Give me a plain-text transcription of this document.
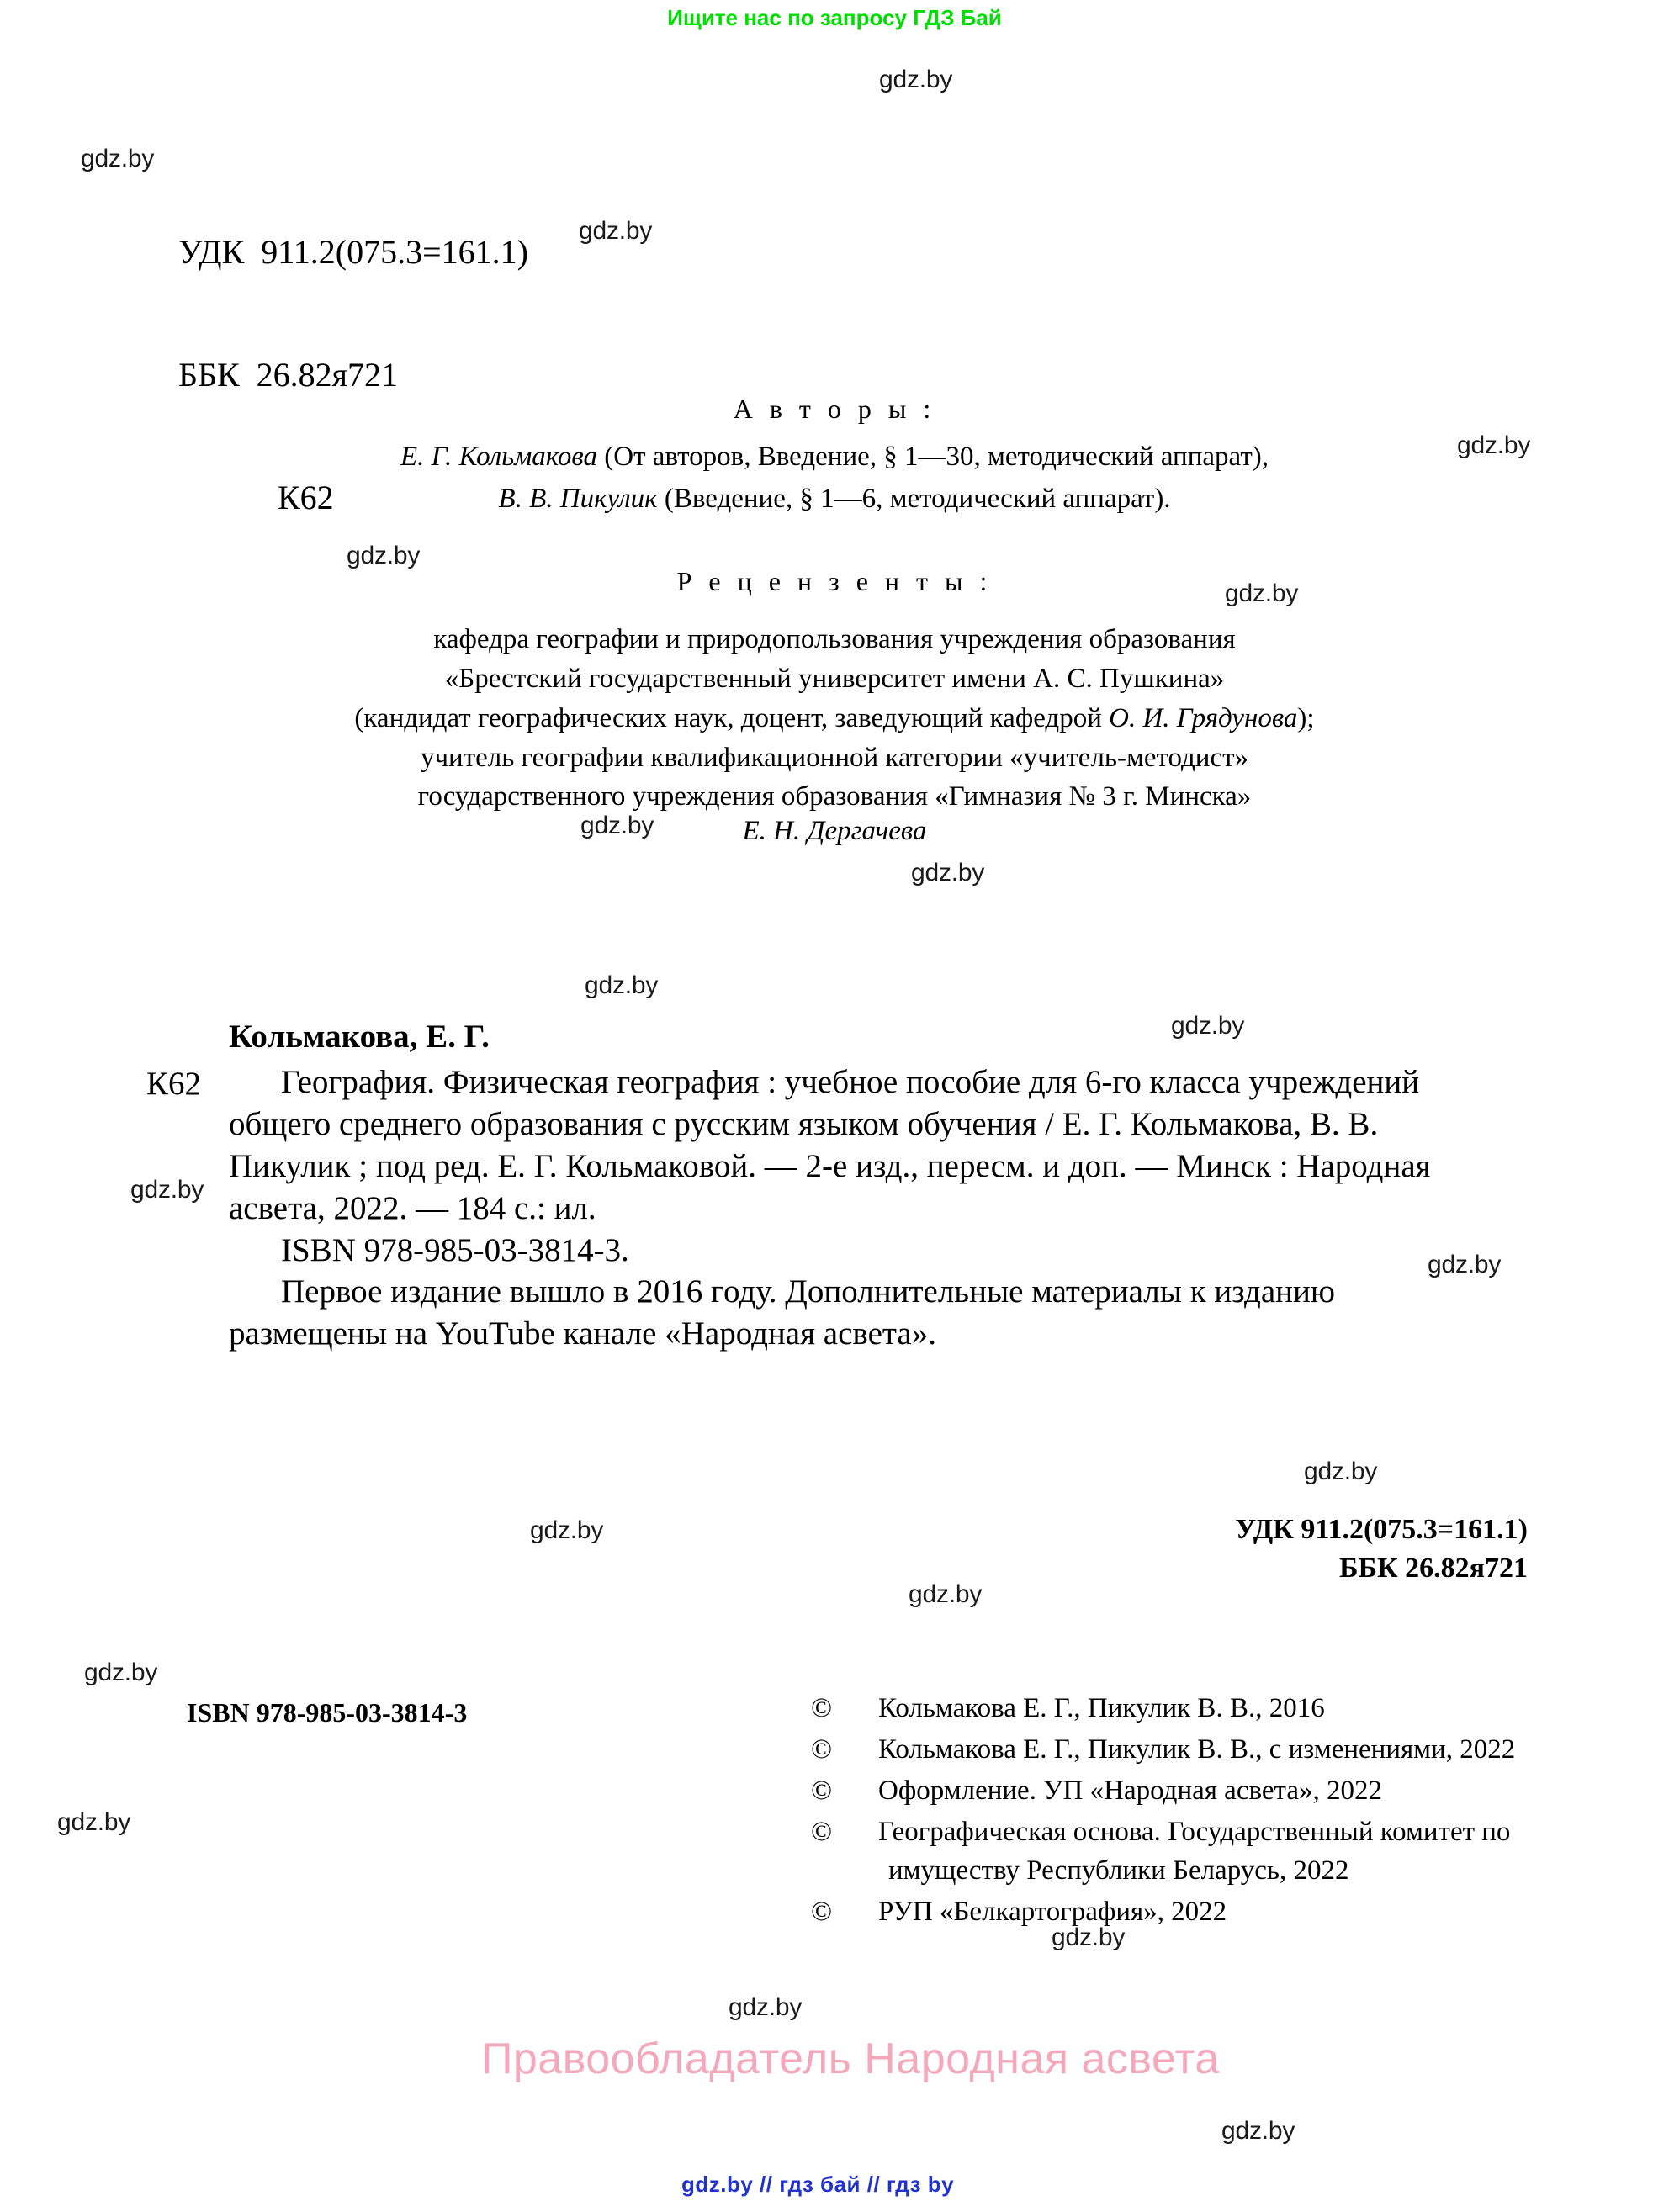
Ищите нас по запросу ГДЗ Бай
gdz.by
gdz.by
gdz.by
gdz.by
gdz.by
gdz.by
gdz.by
gdz.by
gdz.by
gdz.by
gdz.by
gdz.by
gdz.by
gdz.by
gdz.by
gdz.by
gdz.by
gdz.by
gdz.by
gdz.by

УДК  911.2(075.3=161.1)

ББК  26.82я721

К62

А в т о р ы :
Е. Г. Кольмакова (От авторов, Введение, § 1—30, методический аппарат),
В. В. Пикулик (Введение, § 1—6, методический аппарат).
Р е ц е н з е н т ы :
кафедра географии и природопользования учреждения образования
«Брестский государственный университет имени А. С. Пушкина»
(кандидат географических наук, доцент, заведующий кафедрой О. И. Грядунова);
учитель географии квалификационной категории «учитель-методист»
государственного учреждения образования «Гимназия № 3 г. Минска»
Е. Н. Дергачева
Кольмакова, Е. Г.
К62	География. Физическая география : учебное пособие для 6-го класса учреждений общего среднего образования с русским языком обучения / Е. Г. Кольмакова, В. В. Пикулик ; под ред. Е. Г. Кольмаковой. — 2-е изд., пересм. и доп. — Минск : Народная асвета, 2022. — 184 с.: ил.
ISBN 978-985-03-3814-3.
Первое издание вышло в 2016 году. Дополнительные материалы к изданию размещены на YouTube канале «Народная асвета».
УДК 911.2(075.3=161.1)
ББК 26.82я721
ISBN 978-985-03-3814-3	© Кольмакова Е. Г., Пикулик В. В., 2016
© Кольмакова Е. Г., Пикулик В. В., с изменениями, 2022
© Оформление. УП «Народная асвета», 2022
© Географическая основа. Государственный комитет по имуществу Республики Беларусь, 2022
© РУП «Белкартография», 2022
Правообладатель Народная асвета
gdz.by // гдз бай // гдз by
